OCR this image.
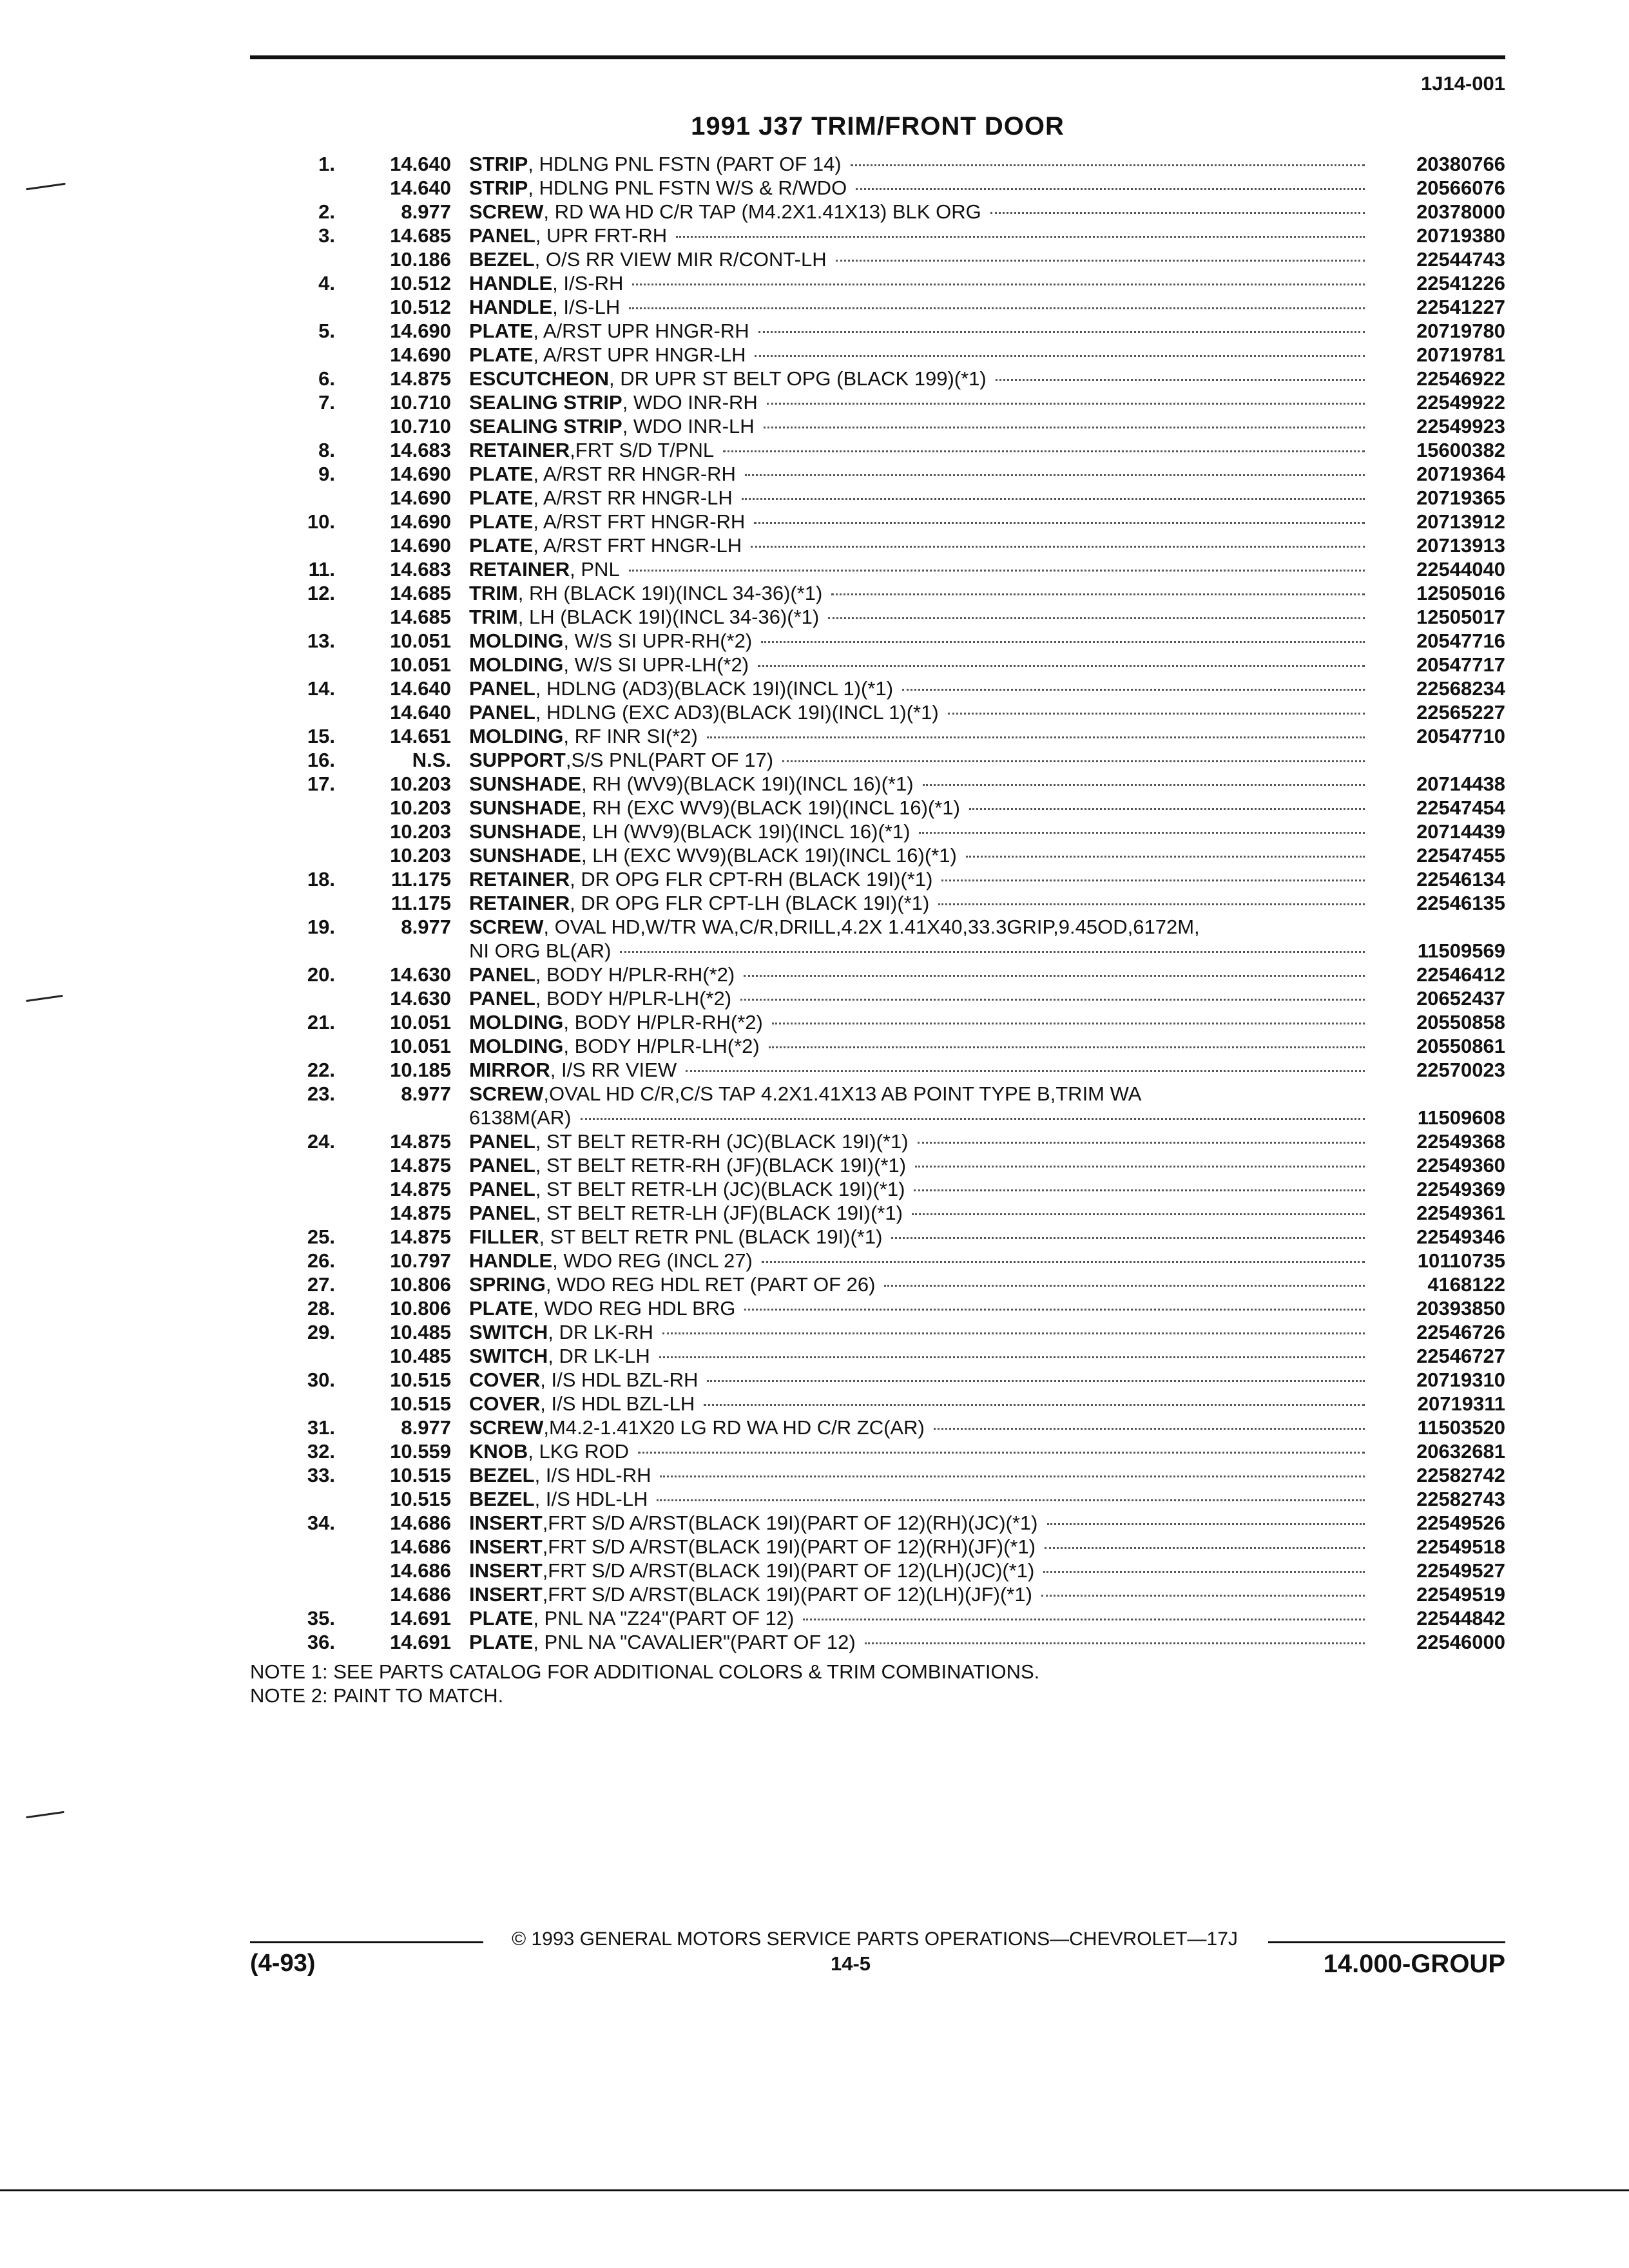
1J14-001
1991 J37 TRIM/FRONT DOOR
1.	14.640 STRIP , HDLNG PNL FSTN (PART OF 14)	20380766
14.640 STRIP , HDLNG PNL FSTN W/S & R/WDO	20566076
2.	8.977 SCREW , RD WA HD C/R TAP (M4.2X1.41X13) BLK ORG	20378000
3.	14.685 PANEL , UPR FRT-RH	20719380
10.186 BEZEL , O/S RR VIEW MIR R/CONT-LH	22544743
4.	10.512 HANDLE , I/S-RH	22541226
10.512 HANDLE , I/S-LH	22541227
5.	14.690 PLATE , A/RST UPR HNGR-RH	20719780
14.690 PLATE , A/RST UPR HNGR-LH	20719781
6.	14.875 ESCUTCHEON , DR UPR ST BELT OPG (BLACK 199)(*1)	22546922
7.	10.710 SEALING STRIP , WDO INR-RH	22549922
10.710 SEALING STRIP , WDO INR-LH	22549923
8.	14.683 RETAINER ,FRT S/D T/PNL	15600382
9.	14.690 PLATE , A/RST RR HNGR-RH	20719364
14.690 PLATE , A/RST RR HNGR-LH	20719365
10.	14.690 PLATE , A/RST FRT HNGR-RH	20713912
14.690 PLATE , A/RST FRT HNGR-LH	20713913
11.	14.683 RETAINER , PNL	22544040
12.	14.685 TRIM , RH (BLACK 19I)(INCL 34-36)(*1)	12505016
14.685 TRIM , LH (BLACK 19I)(INCL 34-36)(*1)	12505017
13.	10.051 MOLDING , W/S SI UPR-RH(*2)	20547716
10.051 MOLDING , W/S SI UPR-LH(*2)	20547717
14.	14.640 PANEL , HDLNG (AD3)(BLACK 19I)(INCL 1)(*1)	22568234
14.640 PANEL , HDLNG (EXC AD3)(BLACK 19I)(INCL 1)(*1)	22565227
15.	14.651 MOLDING , RF INR SI(*2)	20547710
16.	N.S. SUPPORT ,S/S PNL(PART OF 17)
17.	10.203 SUNSHADE , RH (WV9)(BLACK 19I)(INCL 16)(*1)	20714438
10.203 SUNSHADE , RH (EXC WV9)(BLACK 19I)(INCL 16)(*1)	22547454
10.203 SUNSHADE , LH (WV9)(BLACK 19I)(INCL 16)(*1)	20714439
10.203 SUNSHADE , LH (EXC WV9)(BLACK 19I)(INCL 16)(*1)	22547455
18.	11.175 RETAINER , DR OPG FLR CPT-RH (BLACK 19I)(*1)	22546134
11.175 RETAINER , DR OPG FLR CPT-LH (BLACK 19I)(*1)	22546135
19.	8.977 SCREW , OVAL HD,W/TR WA,C/R,DRILL,4.2X 1.41X40,33.3GRIP,9.45OD,6172M,
NI ORG BL(AR)	11509569
20.	14.630 PANEL , BODY H/PLR-RH(*2)	22546412
14.630 PANEL , BODY H/PLR-LH(*2)	20652437
21.	10.051 MOLDING , BODY H/PLR-RH(*2)	20550858
10.051 MOLDING , BODY H/PLR-LH(*2)	20550861
22.	10.185 MIRROR , I/S RR VIEW	22570023
23.	8.977 SCREW ,OVAL HD C/R,C/S TAP 4.2X1.41X13 AB POINT TYPE B,TRIM WA
6138M(AR)	11509608
24.	14.875 PANEL , ST BELT RETR-RH (JC)(BLACK 19I)(*1)	22549368
14.875 PANEL , ST BELT RETR-RH (JF)(BLACK 19I)(*1)	22549360
14.875 PANEL , ST BELT RETR-LH (JC)(BLACK 19I)(*1)	22549369
14.875 PANEL , ST BELT RETR-LH (JF)(BLACK 19I)(*1)	22549361
25.	14.875 FILLER , ST BELT RETR PNL (BLACK 19I)(*1)	22549346
26.	10.797 HANDLE , WDO REG (INCL 27)	10110735
27.	10.806 SPRING , WDO REG HDL RET (PART OF 26)	4168122
28.	10.806 PLATE , WDO REG HDL BRG	20393850
29.	10.485 SWITCH , DR LK-RH	22546726
10.485 SWITCH , DR LK-LH	22546727
30.	10.515 COVER , I/S HDL BZL-RH	20719310
10.515 COVER , I/S HDL BZL-LH	20719311
31.	8.977 SCREW ,M4.2-1.41X20 LG RD WA HD C/R ZC(AR)	11503520
32.	10.559 KNOB , LKG ROD	20632681
33.	10.515 BEZEL , I/S HDL-RH	22582742
10.515 BEZEL , I/S HDL-LH	22582743
34.	14.686 INSERT ,FRT S/D A/RST(BLACK 19I)(PART OF 12)(RH)(JC)(*1)	22549526
14.686 INSERT ,FRT S/D A/RST(BLACK 19I)(PART OF 12)(RH)(JF)(*1)	22549518
14.686 INSERT ,FRT S/D A/RST(BLACK 19I)(PART OF 12)(LH)(JC)(*1)	22549527
14.686 INSERT ,FRT S/D A/RST(BLACK 19I)(PART OF 12)(LH)(JF)(*1)	22549519
35.	14.691 PLATE , PNL NA "Z24"(PART OF 12)	22544842
36.	14.691 PLATE , PNL NA "CAVALIER"(PART OF 12)	22546000
NOTE 1: SEE PARTS CATALOG FOR ADDITIONAL COLORS & TRIM COMBINATIONS.
NOTE 2: PAINT TO MATCH.
© 1993 GENERAL MOTORS SERVICE PARTS OPERATIONS—CHEVROLET—17J
(4-93)	14-5	14.000-GROUP
